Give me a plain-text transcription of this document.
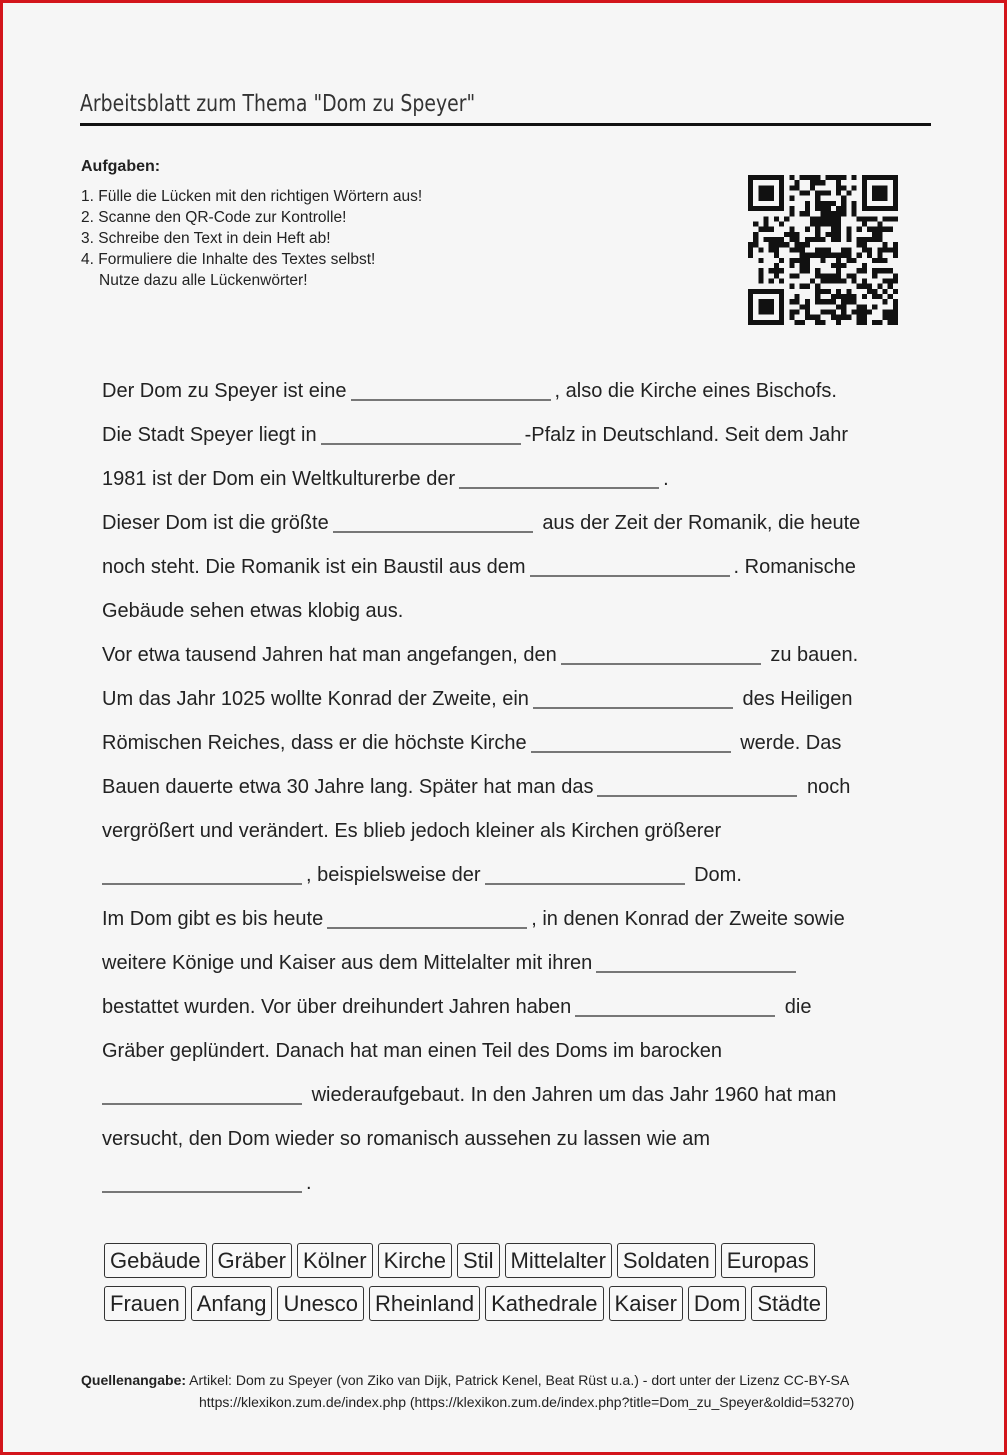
Arbeitsblatt zum Thema "Dom zu Speyer"
Aufgaben:
1. Fülle die Lücken mit den richtigen Wörtern aus!
2. Scanne den QR-Code zur Kontrolle!
3. Schreibe den Text in dein Heft ab!
4. Formuliere die Inhalte des Textes selbst!
Nutze dazu alle Lückenwörter!
Der Dom zu Speyer ist eine	, also die Kirche eines Bischofs.
Die Stadt Speyer liegt in	-Pfalz in Deutschland. Seit dem Jahr
1981 ist der Dom ein Weltkulturerbe der	.
Dieser Dom ist die größte	aus der Zeit der Romanik, die heute
noch steht. Die Romanik ist ein Baustil aus dem	. Romanische
Gebäude sehen etwas klobig aus.
Vor etwa tausend Jahren hat man angefangen, den	zu bauen.
Um das Jahr 1025 wollte Konrad der Zweite, ein	des Heiligen
Römischen Reiches, dass er die höchste Kirche	werde. Das
Bauen dauerte etwa 30 Jahre lang. Später hat man das	noch
vergrößert und verändert. Es blieb jedoch kleiner als Kirchen größerer
, beispielsweise der	Dom.
Im Dom gibt es bis heute	, in denen Konrad der Zweite sowie
weitere Könige und Kaiser aus dem Mittelalter mit ihren
bestattet wurden. Vor über dreihundert Jahren haben	die
Gräber geplündert. Danach hat man einen Teil des Doms im barocken
wiederaufgebaut. In den Jahren um das Jahr 1960 hat man
versucht, den Dom wieder so romanisch aussehen zu lassen wie am
.
Gebäude Gräber Kölner Kirche Stil Mittelalter Soldaten Europas
Frauen Anfang Unesco Rheinland Kathedrale Kaiser Dom Städte
Quellenangabe: Artikel: Dom zu Speyer (von Ziko van Dijk, Patrick Kenel, Beat Rüst u.a.) - dort unter der Lizenz CC-BY-SA
https://klexikon.zum.de/index.php (https://klexikon.zum.de/index.php?title=Dom_zu_Speyer&oldid=53270)
